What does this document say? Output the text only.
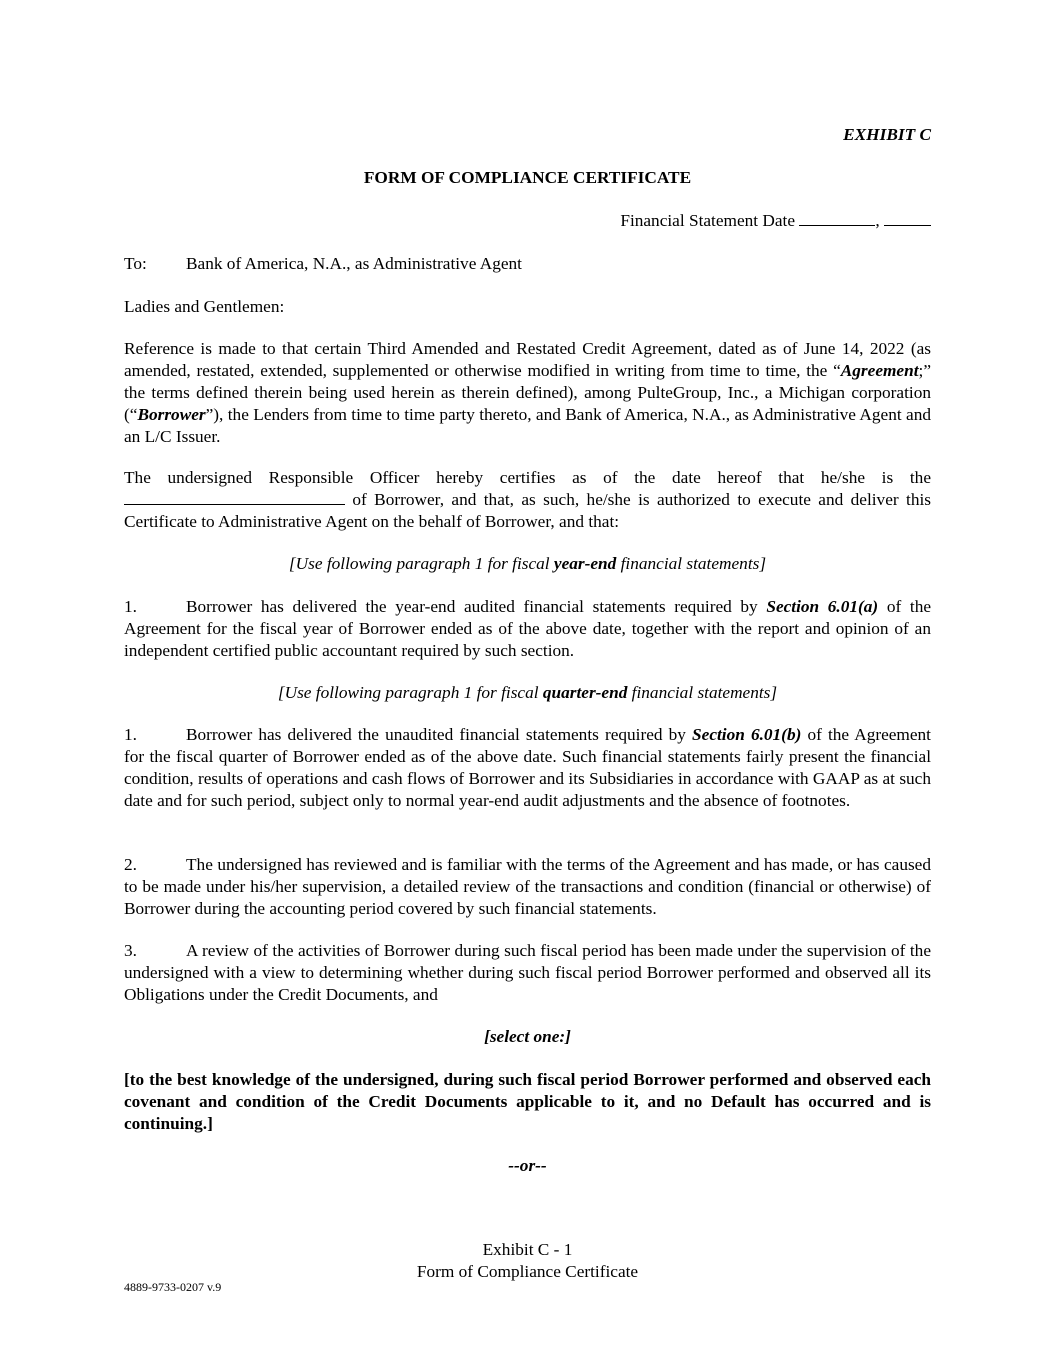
EXHIBIT C

FORM OF COMPLIANCE CERTIFICATE

Financial Statement Date	,

To: Bank of America, N.A., as Administrative Agent

Ladies and Gentlemen:

Reference is made to that certain Third Amended and Restated Credit Agreement, dated as of June 14, 2022 (as amended, restated, extended, supplemented or otherwise modified in writing from time to time, the “Agreement;” the terms defined therein being used herein as therein defined), among PulteGroup, Inc., a Michigan corporation (“Borrower”), the Lenders from time to time party thereto, and Bank of America, N.A., as Administrative Agent and an L/C Issuer.

The undersigned Responsible Officer hereby certifies as of the date hereof that he/she is the  of Borrower, and that, as such, he/she is authorized to execute and deliver this Certificate to Administrative Agent on the behalf of Borrower, and that:

[Use following paragraph 1 for fiscal year-end financial statements]

1.	Borrower has delivered the year-end audited financial statements required by Section 6.01(a) of the Agreement for the fiscal year of Borrower ended as of the above date, together with the report and opinion of an independent certified public accountant required by such section.

[Use following paragraph 1 for fiscal quarter-end financial statements]

1.	Borrower has delivered the unaudited financial statements required by Section 6.01(b) of the Agreement for the fiscal quarter of Borrower ended as of the above date. Such financial statements fairly present the financial condition, results of operations and cash flows of Borrower and its Subsidiaries in accordance with GAAP as at such date and for such period, subject only to normal year-end audit adjustments and the absence of footnotes.

2.	The undersigned has reviewed and is familiar with the terms of the Agreement and has made, or has caused to be made under his/her supervision, a detailed review of the transactions and condition (financial or otherwise) of Borrower during the accounting period covered by such financial statements.

3.	A review of the activities of Borrower during such fiscal period has been made under the supervision of the undersigned with a view to determining whether during such fiscal period Borrower performed and observed all its Obligations under the Credit Documents, and

[select one:]

[to the best knowledge of the undersigned, during such fiscal period Borrower performed and observed each covenant and condition of the Credit Documents applicable to it, and no Default has occurred and is continuing.]

--or--

Exhibit C - 1

Form of Compliance Certificate

4889-9733-0207 v.9
